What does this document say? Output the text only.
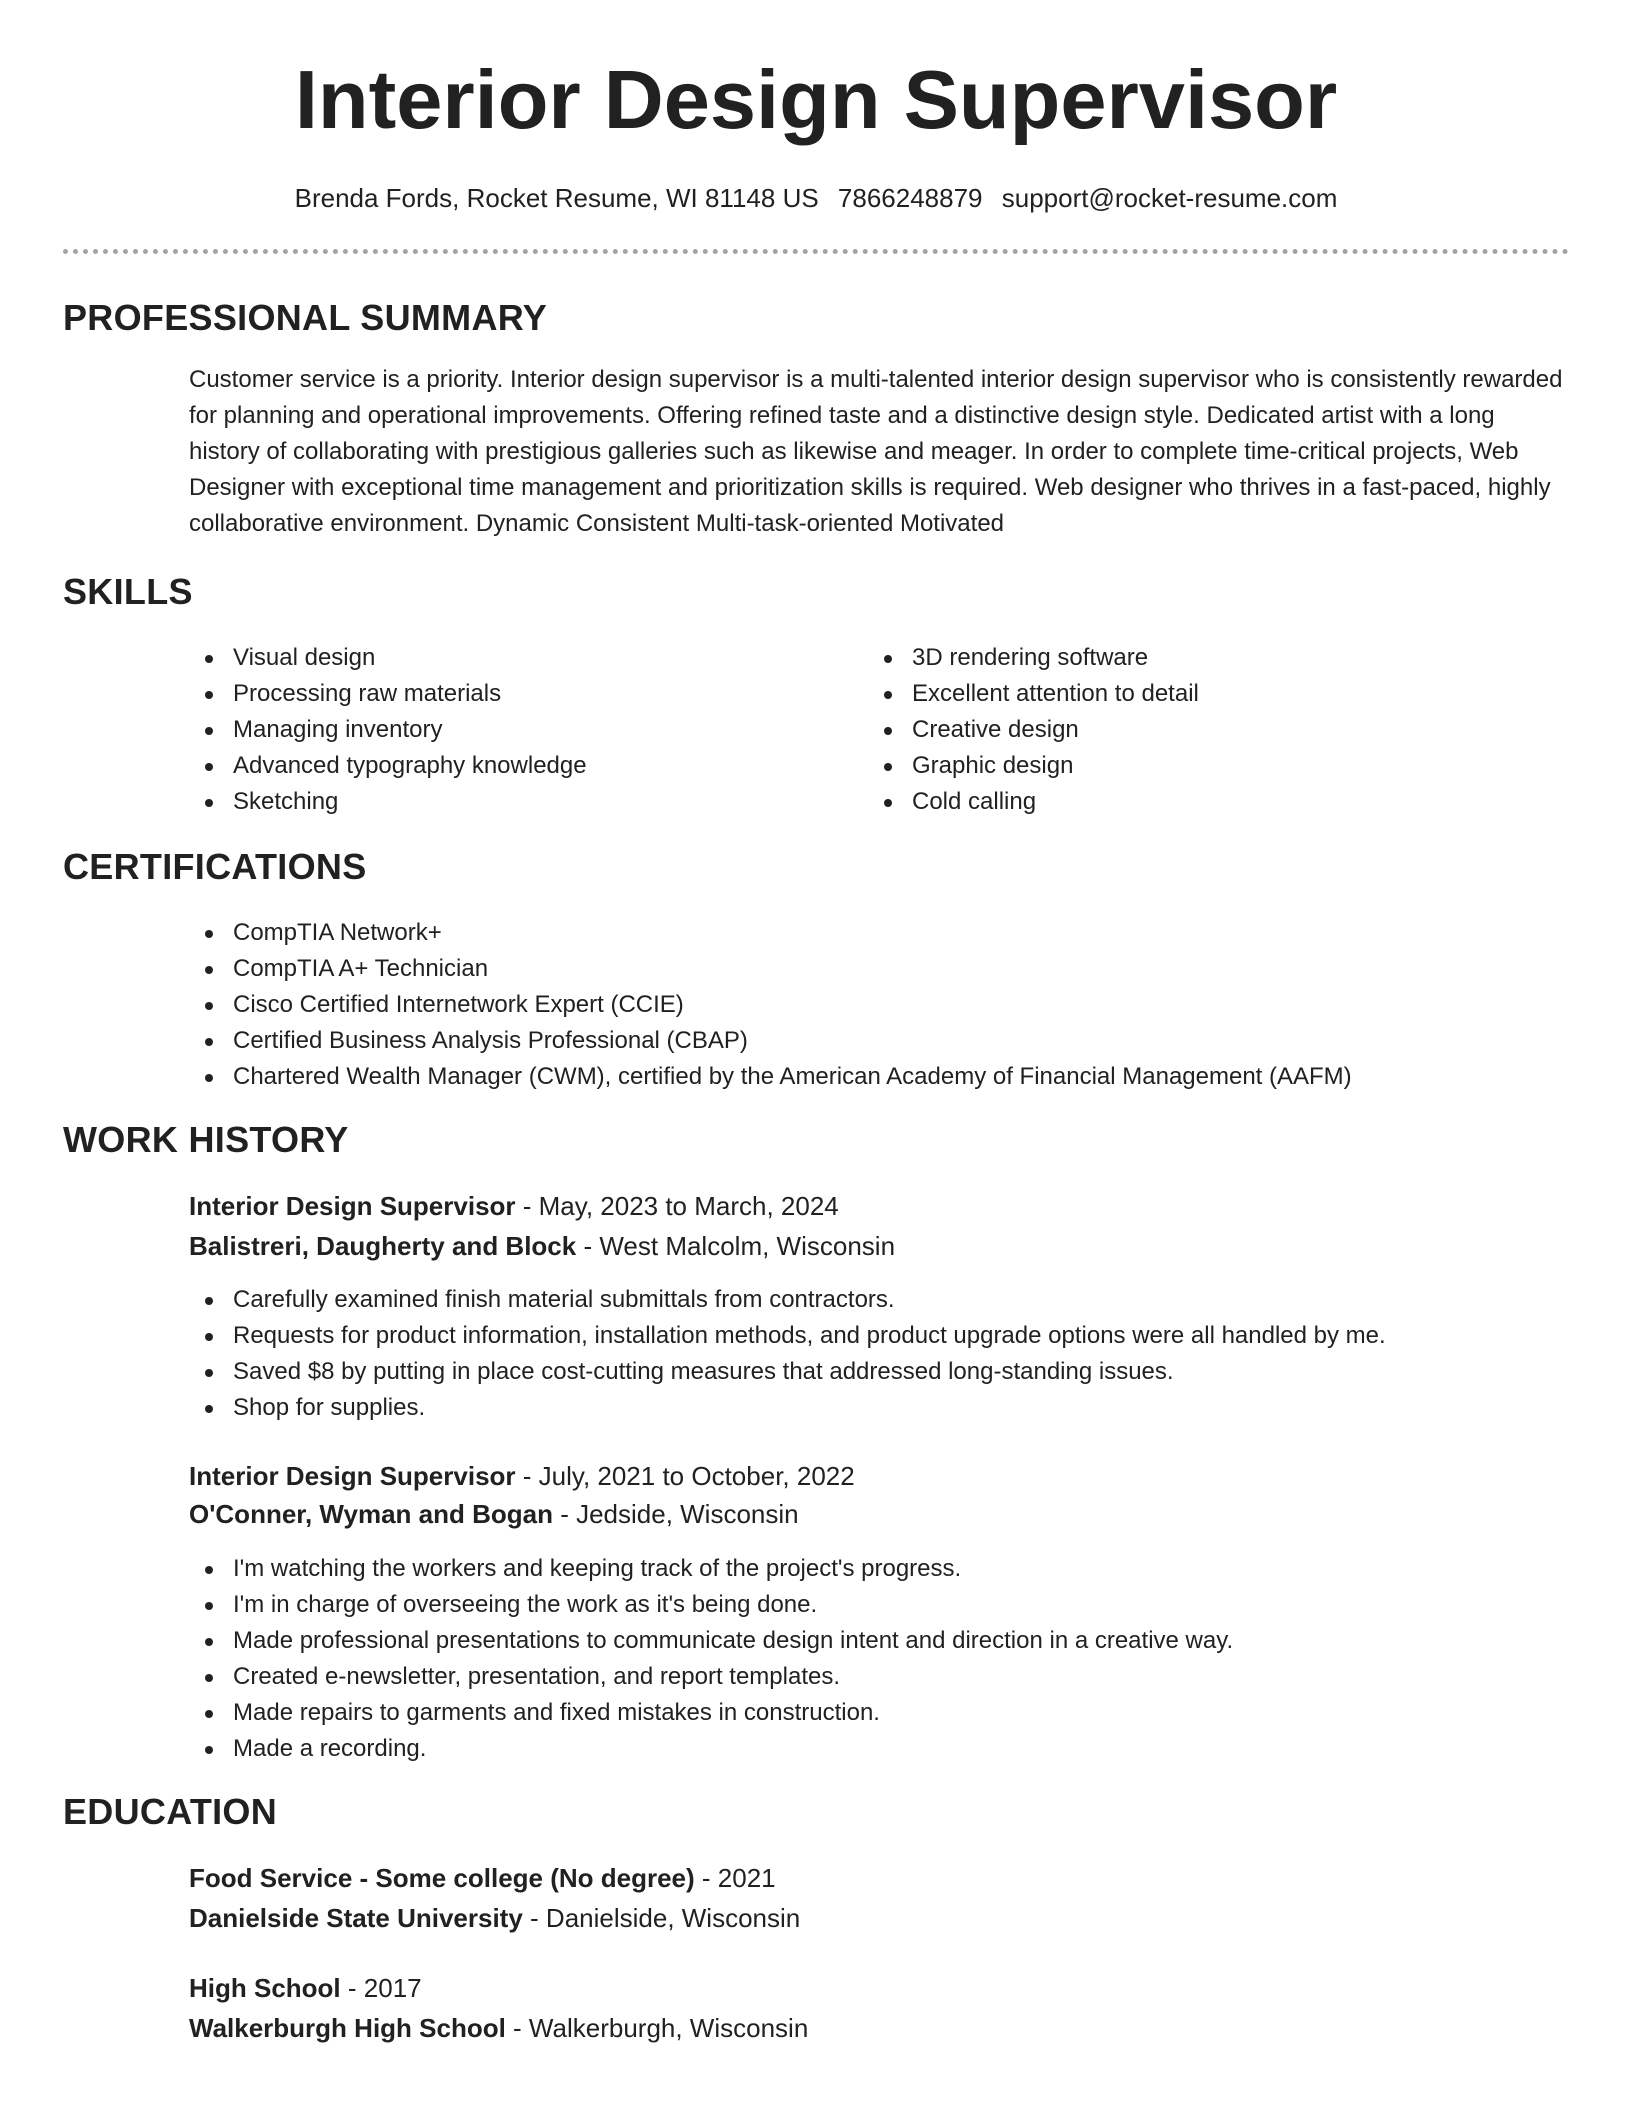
Interior Design Supervisor
Brenda Fords, Rocket Resume, WI 81148 US 7866248879 support@rocket-resume.com
PROFESSIONAL SUMMARY

Customer service is a priority. Interior design supervisor is a multi-talented interior design supervisor who is consistently rewarded for planning and operational improvements. Offering refined taste and a distinctive design style. Dedicated artist with a long history of collaborating with prestigious galleries such as likewise and meager. In order to complete time-critical projects, Web Designer with exceptional time management and prioritization skills is required. Web designer who thrives in a fast-paced, highly collaborative environment. Dynamic Consistent Multi-task-oriented Motivated

SKILLS
Visual design
Processing raw materials
Managing inventory
Advanced typography knowledge
Sketching
3D rendering software
Excellent attention to detail
Creative design
Graphic design
Cold calling
CERTIFICATIONS
CompTIA Network+
CompTIA A+ Technician
Cisco Certified Internetwork Expert (CCIE)
Certified Business Analysis Professional (CBAP)
Chartered Wealth Manager (CWM), certified by the American Academy of Financial Management (AAFM)
WORK HISTORY
Interior Design Supervisor - May, 2023 to March, 2024
Balistreri, Daugherty and Block - West Malcolm, Wisconsin
Carefully examined finish material submittals from contractors.
Requests for product information, installation methods, and product upgrade options were all handled by me.
Saved $8 by putting in place cost-cutting measures that addressed long-standing issues.
Shop for supplies.
Interior Design Supervisor - July, 2021 to October, 2022
O'Conner, Wyman and Bogan - Jedside, Wisconsin
I'm watching the workers and keeping track of the project's progress.
I'm in charge of overseeing the work as it's being done.
Made professional presentations to communicate design intent and direction in a creative way.
Created e-newsletter, presentation, and report templates.
Made repairs to garments and fixed mistakes in construction.
Made a recording.
EDUCATION
Food Service - Some college (No degree) - 2021
Danielside State University - Danielside, Wisconsin
High School - 2017
Walkerburgh High School - Walkerburgh, Wisconsin
